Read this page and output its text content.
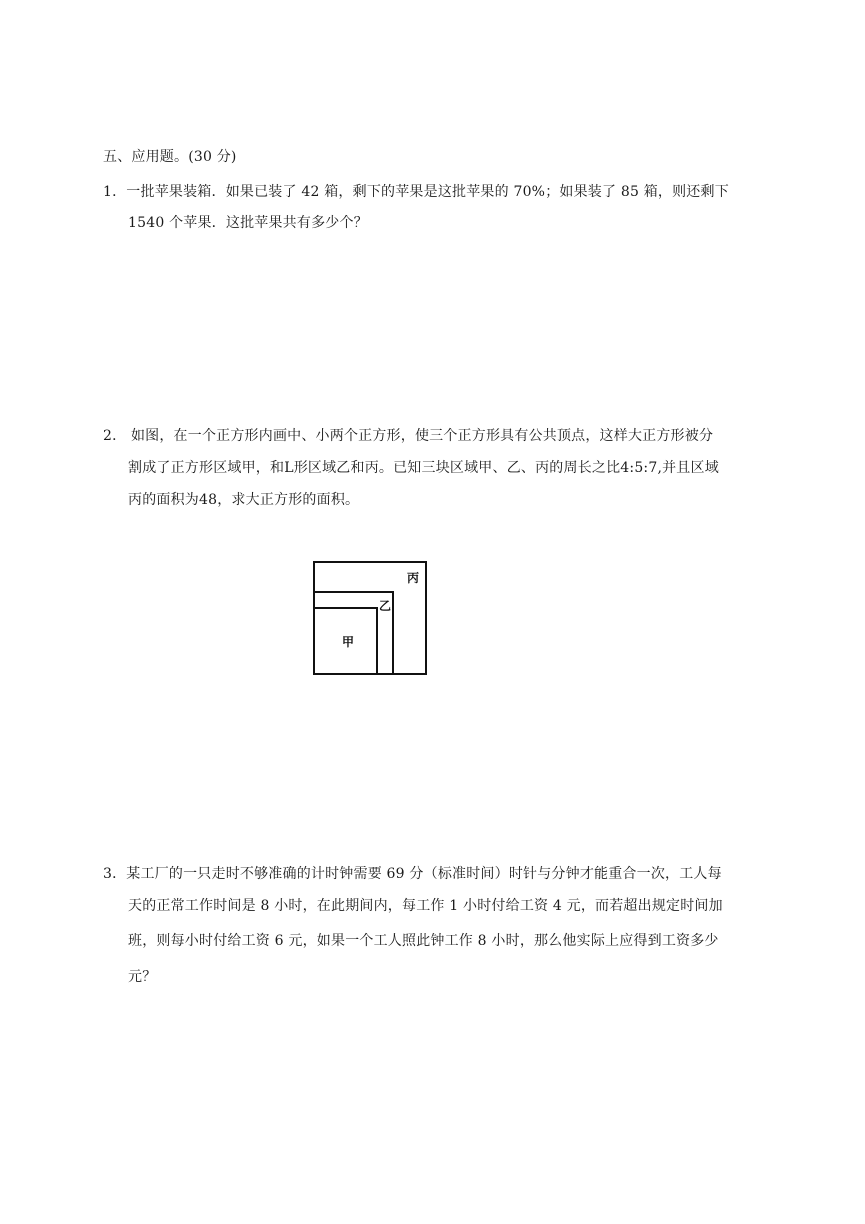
五、应用题。(30 分)
1．一批苹果装箱．如果已装了 42 箱，剩下的苹果是这批苹果的 70%；如果装了 85 箱，则还剩下
1540 个苹果．这批苹果共有多少个？
2． 如图，在一个正方形内画中、小两个正方形，使三个正方形具有公共顶点，这样大正方形被分
割成了正方形区域甲，和L形区域乙和丙。已知三块区域甲、乙、丙的周长之比4:5:7,并且区域
丙的面积为48，求大正方形的面积。
丙
乙
甲
3．某工厂的一只走时不够准确的计时钟需要 69 分（标准时间）时针与分钟才能重合一次，工人每
天的正常工作时间是 8 小时，在此期间内，每工作 1 小时付给工资 4 元，而若超出规定时间加
班，则每小时付给工资 6 元，如果一个工人照此钟工作 8 小时，那么他实际上应得到工资多少
元？
